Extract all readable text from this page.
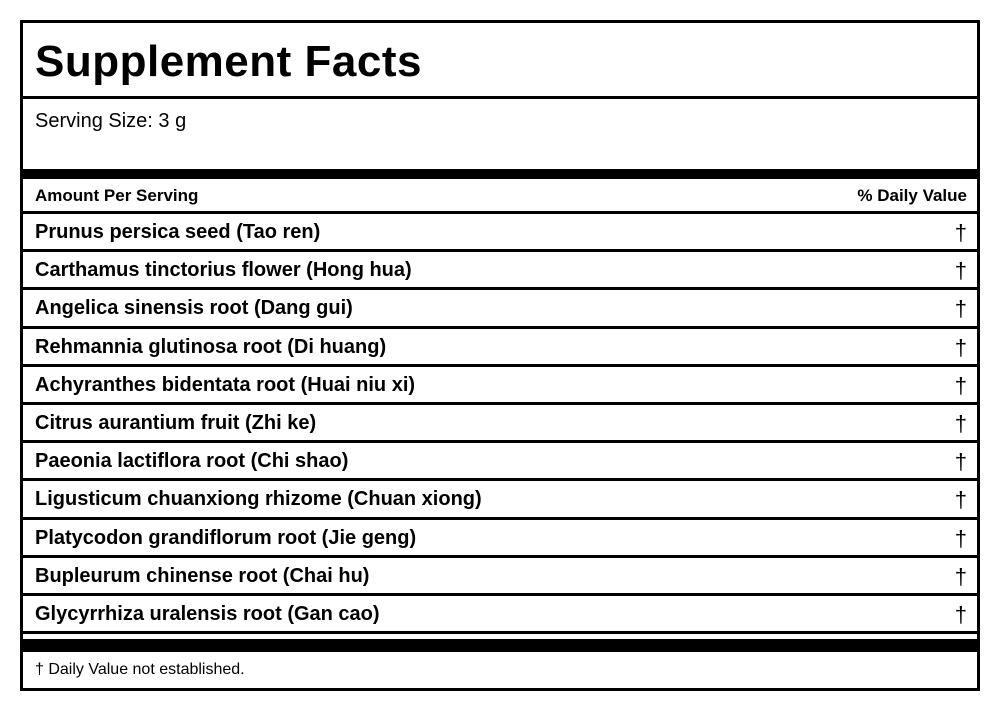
Supplement Facts
Serving Size: 3 g
Amount Per Serving	% Daily Value
Prunus persica seed (Tao ren)	†
Carthamus tinctorius flower (Hong hua)	†
Angelica sinensis root (Dang gui)	†
Rehmannia glutinosa root (Di huang)	†
Achyranthes bidentata root (Huai niu xi)	†
Citrus aurantium fruit (Zhi ke)	†
Paeonia lactiflora root (Chi shao)	†
Ligusticum chuanxiong rhizome (Chuan xiong)	†
Platycodon grandiflorum root (Jie geng)	†
Bupleurum chinense root (Chai hu)	†
Glycyrrhiza uralensis root (Gan cao)	†
† Daily Value not established.
